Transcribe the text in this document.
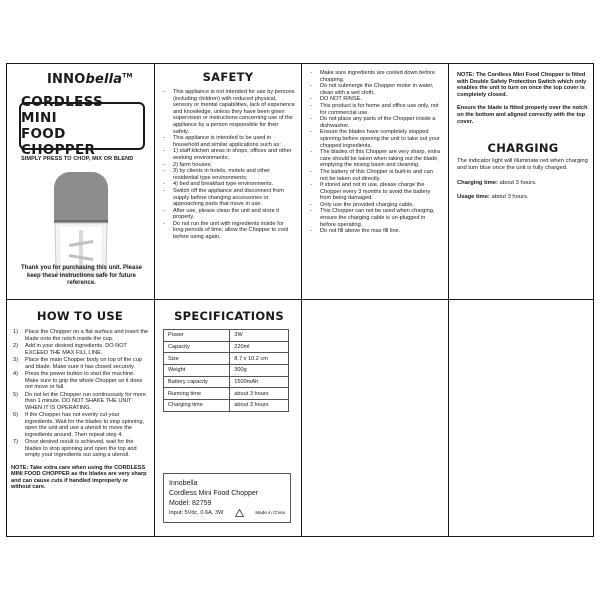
INNObella™
CORDLESS MINI
FOOD CHOPPER
SIMPLY PRESS TO CHOP, MIX OR BLEND
Thank you for purchasing this unit. Please keep these instructions safe for future reference.
SAFETY
- This appliance is not intended for use by persons (including children) with reduced physical, sensory or mental capabilities, lack of experience and knowledge, unless they have been given supervision or instructions concerning use of the appliance by a person responsible for their safety.
- This appliance is intended to be used in household and similar applications such as:
- 1) staff kitchen areas in shops, offices and other working environments;
- 2) farm houses;
- 3) by clients in hotels, motels and other residential type environments;
- 4) bed and breakfast type environments.
- Switch off the appliance and disconnect from supply before changing accessories or approaching parts that move in use.
- After use, please clean the unit and store it properly.
- Do not run the unit with ingredients inside for long periods of time, allow the Chopper to cool before using again.
- Make sure ingredients are cooled down before chopping.
- Do not submerge the Chopper motor in water, clean with a wet cloth.
- DO NOT RINSE.
- This product is for home and office use only, not for commercial use.
- Do not place any parts of the Chopper inside a dishwasher.
- Ensure the blades have completely stopped spinning before opening the unit to take out your chopped ingredients.
- The blades of this Chopper are very sharp, extra care should be taken when taking out the blade, emptying the mixing basin and cleaning.
- The battery of this Chopper is built-in and can not be taken out directly.
- If stored and not in use, please charge the Chopper every 3 months to avoid the battery from being damaged.
- Only use the provided charging cable.
- This Chopper can not be used when charging, ensure the charging cable is un-plugged in before operating.
- Do not fill above the max fill line.
NOTE: The Cordless Mini Food Chopper is fitted with Double Safety Protection Switch which only enables the unit to turn on once the top cover is completely closed.
Ensure the blade is fitted properly over the notch on the bottom and aligned correctly with the top cover.
CHARGING
The indicator light will illuminate red when charging and turn blue once the unit is fully charged.
Charging time: about 3 hours.
Usage time: about 3 hours.
HOW TO USE
1) Place the Chopper on a flat surface and insert the blade onto the notch inside the cup.
2) Add in your desired ingredients. DO NOT EXCEED THE MAX FILL LINE.
3) Place the main Chopper body on top of the cup and blade. Make sure it has closed securely.
4) Press the power button to start the machine. Make sure to grip the whole Chopper so it does not move or fall.
5) Do not let the Chopper run continuously for more than 1 minute. DO NOT SHAKE THE UNIT WHEN IT IS OPERATING.
6) If the Chopper has not evenly cut your ingredients. Wait for the blades to stop spinning, open the unit and use a utensil to move the ingredients around. Then repeat step 4.
7) Once desired result is achieved, wait for the blades to stop spinning and open the top and empty your ingredients out using a utensil.
NOTE: Take extra care when using the CORDLESS MINI FOOD CHOPPER as the blades are very sharp and can cause cuts if handled improperly or without care.
SPECIFICATIONS
Power	3W
Capacity	220ml
Size	8.7 x 10.2 cm
Weight	300g
Battery capacity	1500mAh
Running time	about 3 hours
Charging time	about 3 hours
Innobella
Cordless Mini Food Chopper
Model: 82759
Input: 5Vdc, 0.6A, 3W	Made in China
